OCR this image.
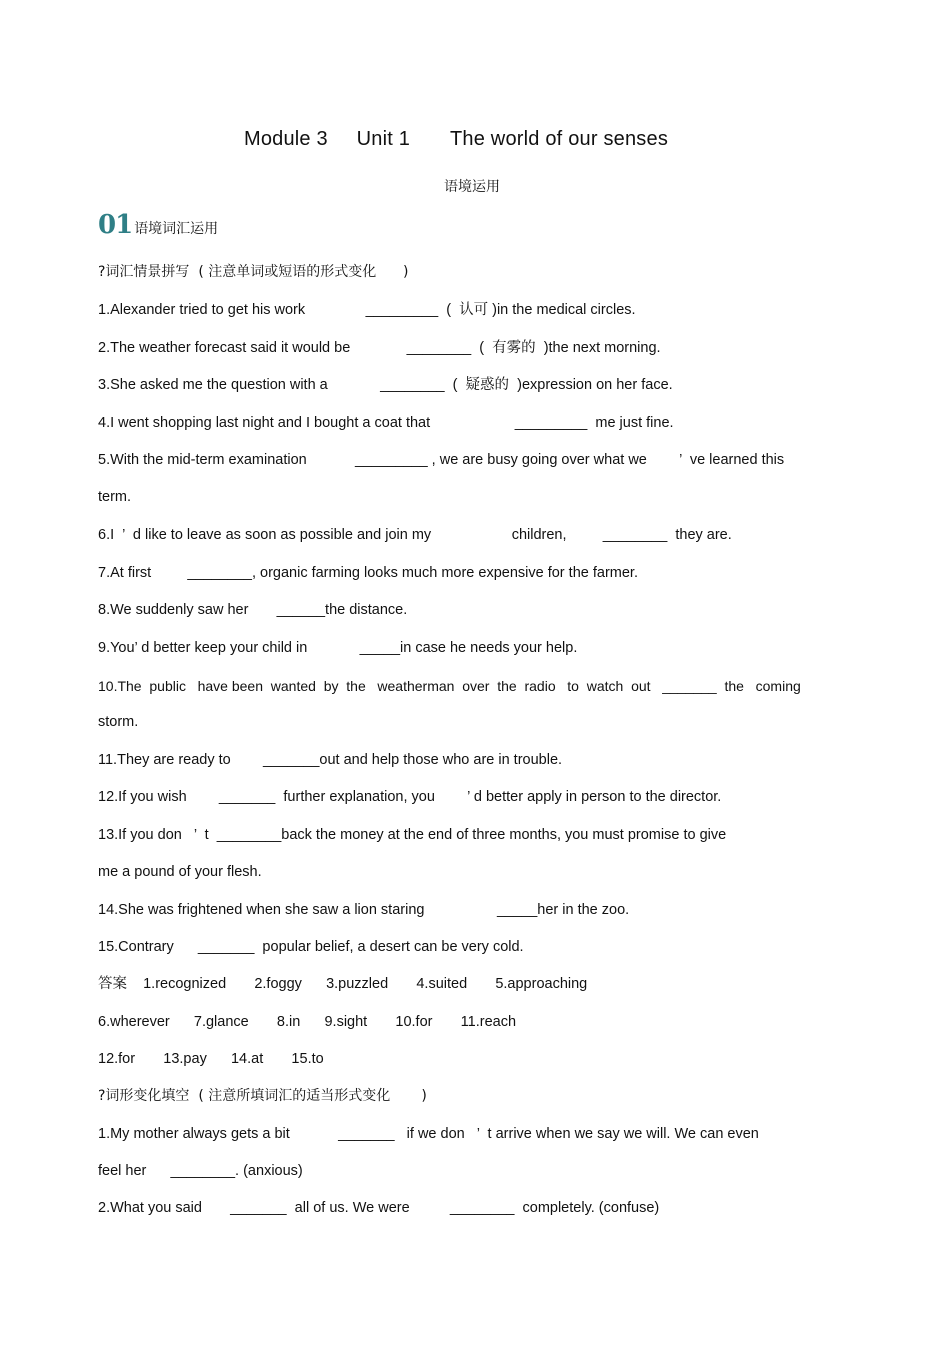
Module 3     Unit 1       The world of our senses
语境运用
01 语境词汇运用
?词汇情景拼写  ( 注意单词或短语的形式变化      )
1.Alexander tried to get his work               _________  (  认可 )in the medical circles.
2.The weather forecast said it would be              ________  (  有雾的  )the next morning.
3.She asked me the question with a             ________  (  疑惑的  )expression on her face.
4.I went shopping last night and I bought a coat that                     _________  me just fine.
5.With the mid-term examination            _________ , we are busy going over what we        ’  ve learned this
term.
6.I  ’  d like to leave as soon as possible and join my                    children,         ________  they are.
7.At first         ________, organic farming looks much more expensive for the farmer.
8.We suddenly saw her       ______the distance.
9.You’ d better keep your child in             _____in case he needs your help.
10.The  public   have been  wanted  by  the   weatherman  over  the  radio   to  watch  out   _______  the   coming
storm.
11.They are ready to        _______out and help those who are in trouble.
12.If you wish        _______  further explanation, you        ’ d better apply in person to the director.
13.If you don   ’  t  ________back the money at the end of three months, you must promise to give
me a pound of your flesh.
14.She was frightened when she saw a lion staring                  _____her in the zoo.
15.Contrary      _______  popular belief, a desert can be very cold.
答案    1.recognized       2.foggy      3.puzzled       4.suited       5.approaching
6.wherever      7.glance       8.in      9.sight       10.for       11.reach
12.for       13.pay      14.at       15.to
?词形变化填空  ( 注意所填词汇的适当形式变化       )
1.My mother always gets a bit            _______   if we don   ’  t arrive when we say we will. We can even
feel her      ________. (anxious)
2.What you said       _______  all of us. We were          ________  completely. (confuse)
